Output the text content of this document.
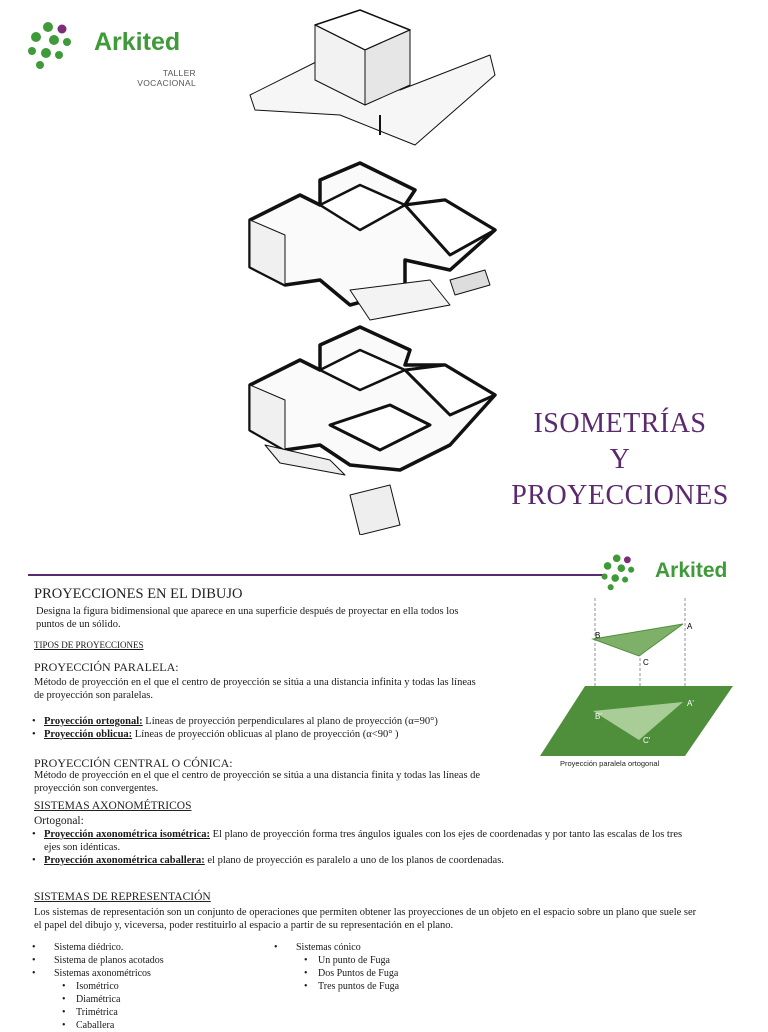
Arkited
TALLER
VOCACIONAL
ISOMETRÍAS
Y
PROYECCIONES
Arkited
PROYECCIONES EN EL DIBUJO
Designa la figura bidimensional que aparece en una superficie después de proyectar en ella todos los
puntos de un sólido.
TIPOS DE PROYECCIONES
PROYECCIÓN PARALELA:
Método de proyección en el que el centro de proyección se sitúa a una distancia infinita y todas las líneas
de proyección son paralelas.
• Proyección ortogonal: Líneas de proyección perpendiculares al plano de proyección (α=90°)
• Proyección oblicua: Líneas de proyección oblicuas al plano de proyección (α<90° )
PROYECCIÓN CENTRAL O CÓNICA:
Método de proyección en el que el centro de proyección se sitúa a una distancia finita y todas las líneas de
proyección son convergentes.
B
A
C
B'
A'
C'
Proyección paralela ortogonal
SISTEMAS AXONOMÉTRICOS
Ortogonal:
• Proyección axonométrica isométrica: El plano de proyección forma tres ángulos iguales con los ejes de coordenadas y por tanto las escalas de los tres
ejes son idénticas.
• Proyección axonométrica caballera: el plano de proyección es paralelo a uno de los planos de coordenadas.
SISTEMAS DE REPRESENTACIÓN
Los sistemas de representación son un conjunto de operaciones que permiten obtener las proyecciones de un objeto en el espacio sobre un plano que suele ser
el papel del dibujo y, viceversa, poder restituirlo al espacio a partir de su representación en el plano.
• Sistema diédrico.
• Sistema de planos acotados
• Sistemas axonométricos
• Isométrico
• Diamétrica
• Trimétrica
• Caballera
• Sistemas cónico
• Un punto de Fuga
• Dos Puntos de Fuga
• Tres puntos de Fuga
